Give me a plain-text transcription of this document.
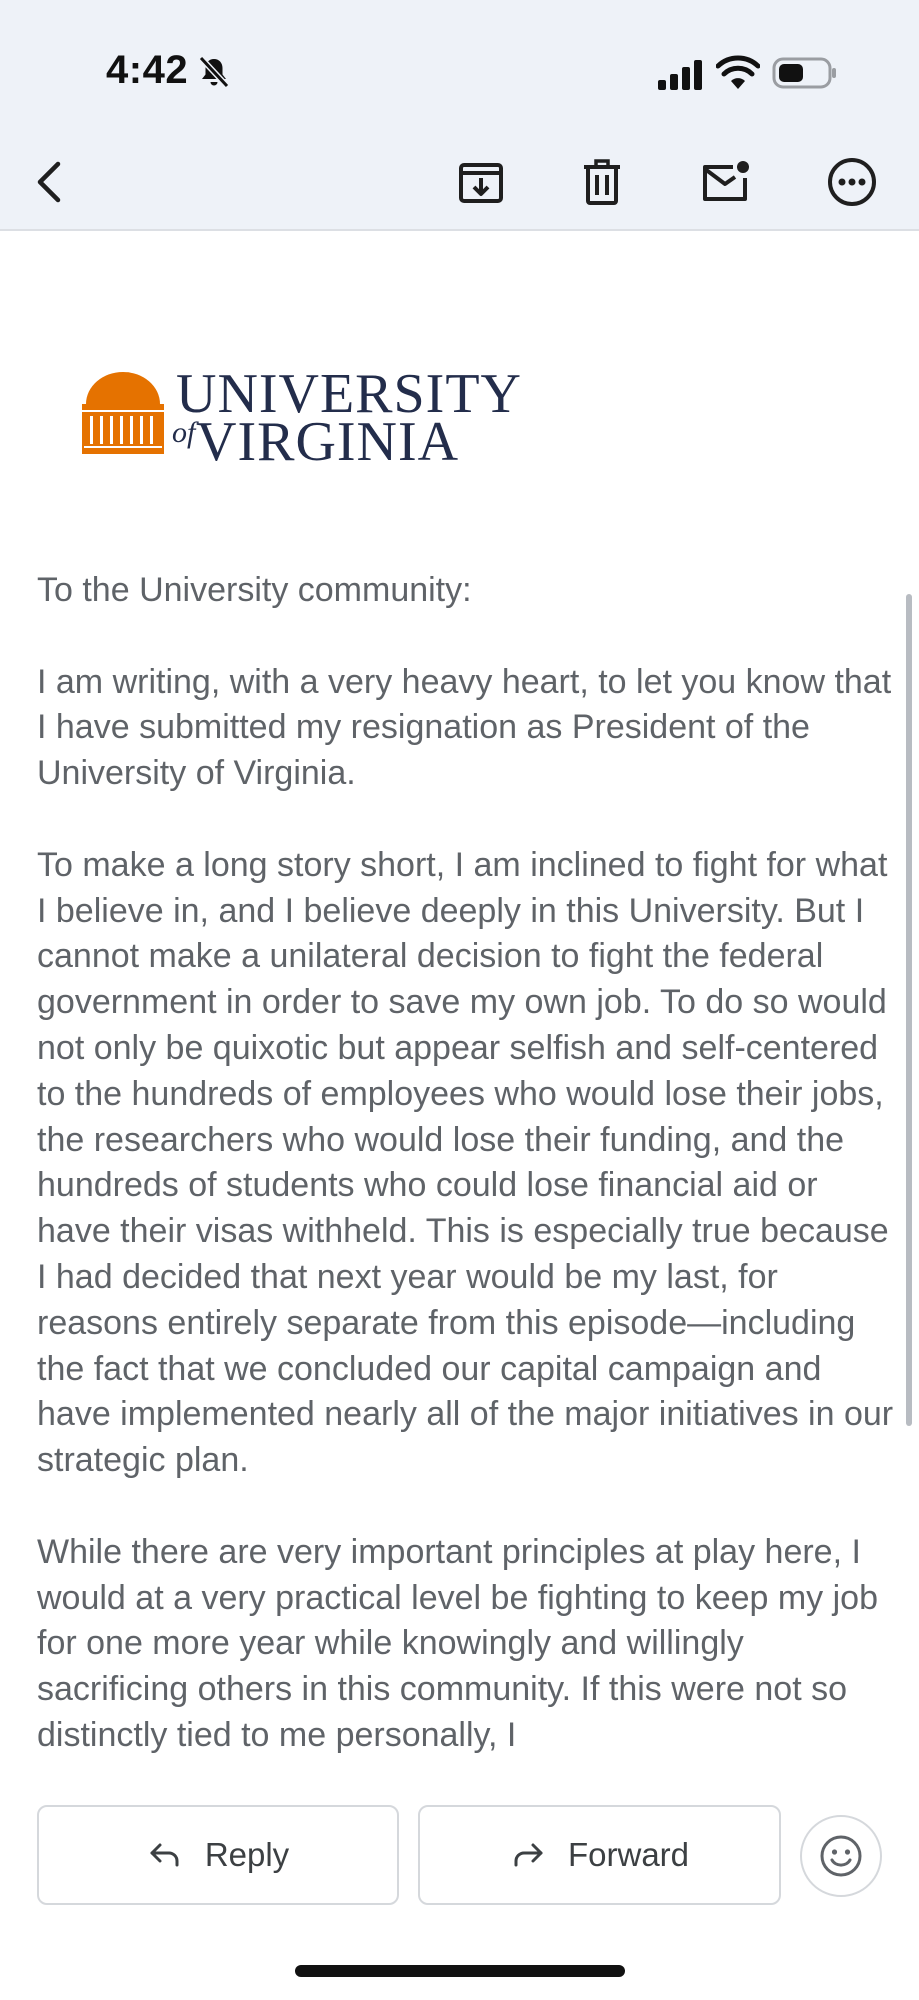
4:42
UNIVERSITY
of VIRGINIA

To the University community:

I am writing, with a very heavy heart, to let you know that I have submitted my resignation as President of the University of Virginia.

To make a long story short, I am inclined to fight for what I believe in, and I believe deeply in this University. But I cannot make a unilateral decision to fight the federal government in order to save my own job. To do so would not only be quixotic but appear selfish and self-centered to the hundreds of employees who would lose their jobs, the researchers who would lose their funding, and the hundreds of students who could lose financial aid or have their visas withheld. This is especially true because I had decided that next year would be my last, for reasons entirely separate from this episode—including the fact that we concluded our capital campaign and have implemented nearly all of the major initiatives in our strategic plan.

While there are very important principles at play here, I would at a very practical level be fighting to keep my job for one more year while knowingly and willingly sacrificing others in this community. If this were not so distinctly tied to me personally, I

Reply	Forward
